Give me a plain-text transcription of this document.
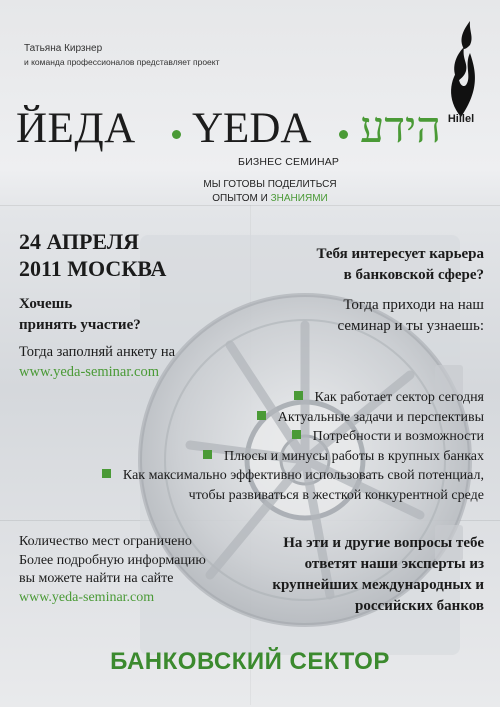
Татьяна Кирзнер
и команда профессионалов представляет проект
Hillel
ЙЕДА YEDA הידע
БИЗНЕС СЕМИНАР
МЫ ГОТОВЫ ПОДЕЛИТЬСЯ
ОПЫТОМ И ЗНАНИЯМИ
24 АПРЕЛЯ
2011 МОСКВА
Тебя интересует карьера
в банковской сфере?
Тогда приходи на наш
семинар и ты узнаешь:
Хочешь
принять участие?
Тогда заполняй анкету на
www.yeda-seminar.com
Как работает сектор сегодня
Актуальные задачи и перспективы
Потребности и возможности
Плюсы и минусы работы в крупных банках
Как максимально эффективно использовать свой потенциал,
чтобы развиваться в жесткой конкурентной среде
Количество мест ограничено
Более подробную информацию
вы можете найти на сайте
www.yeda-seminar.com
На эти и другие вопросы тебе
ответят наши эксперты из
крупнейших международных и
российских банков
БАНКОВСКИЙ СЕКТОР
